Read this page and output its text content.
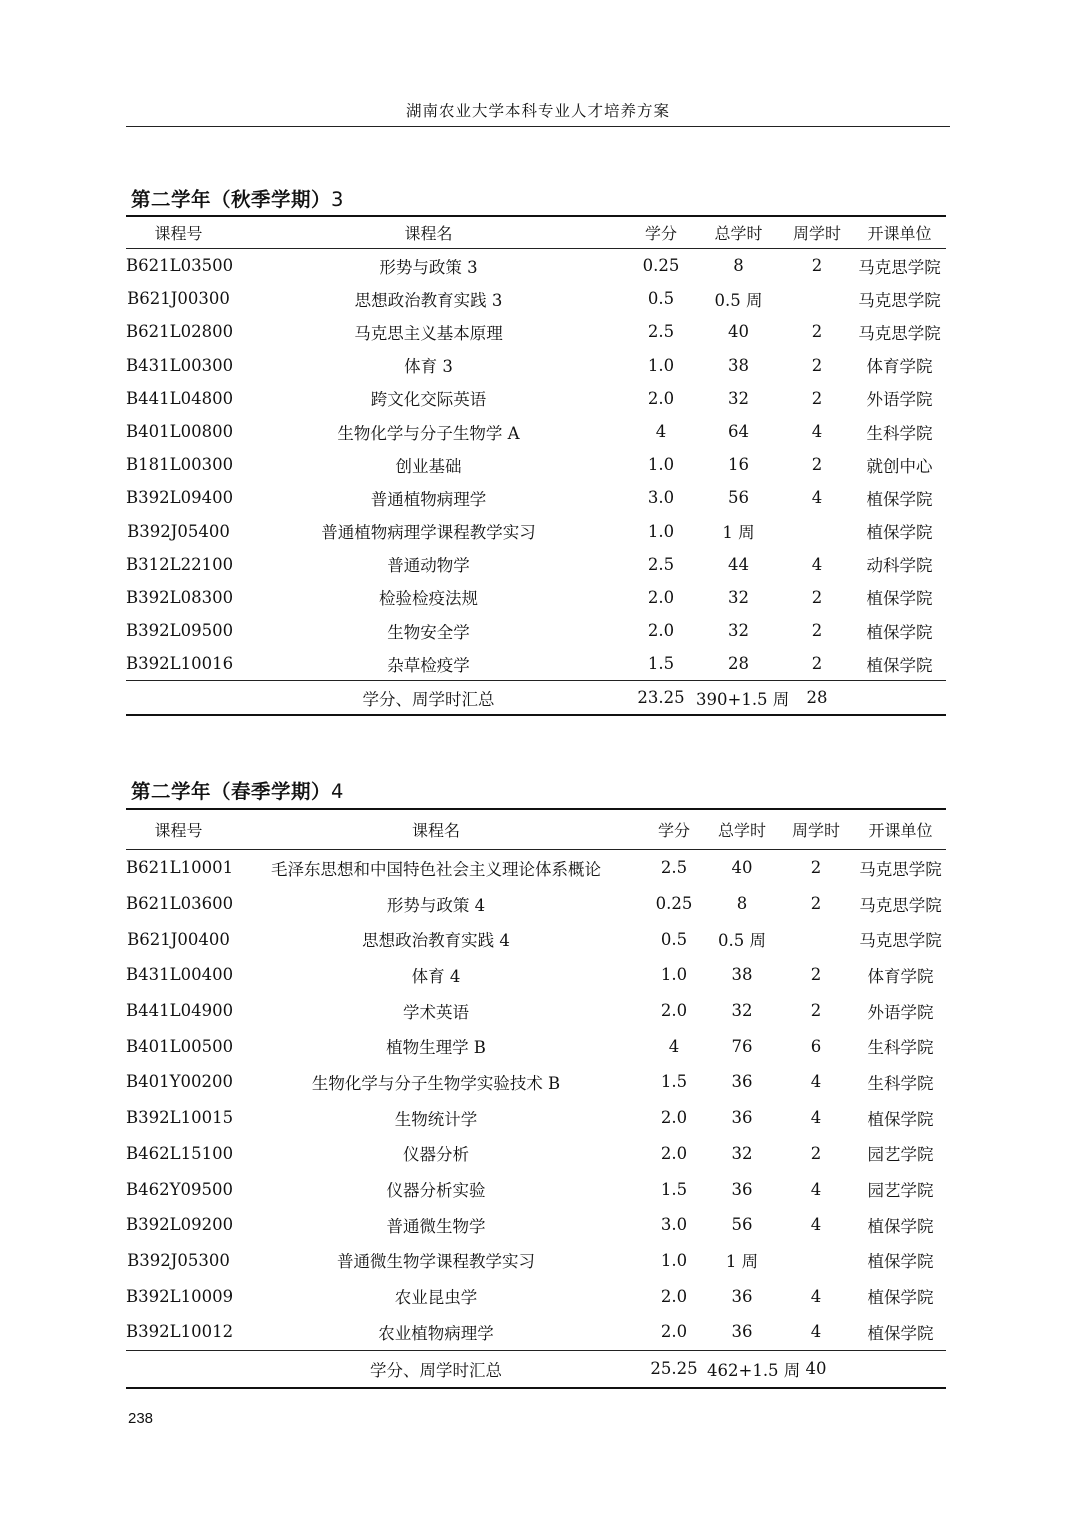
湖南农业大学本科专业人才培养方案
第二学年（秋季学期）3
课程号	课程名	学分	总学时	周学时	开课单位
B621L03500	形势与政策 3	0.25	8	2	马克思学院
B621J00300	思想政治教育实践 3	0.5	0.5 周		马克思学院
B621L02800	马克思主义基本原理	2.5	40	2	马克思学院
B431L00300	体育 3	1.0	38	2	体育学院
B441L04800	跨文化交际英语	2.0	32	2	外语学院
B401L00800	生物化学与分子生物学 A	4	64	4	生科学院
B181L00300	创业基础	1.0	16	2	就创中心
B392L09400	普通植物病理学	3.0	56	4	植保学院
B392J05400	普通植物病理学课程教学实习	1.0	1 周		植保学院
B312L22100	普通动物学	2.5	44	4	动科学院
B392L08300	检验检疫法规	2.0	32	2	植保学院
B392L09500	生物安全学	2.0	32	2	植保学院
B392L10016	杂草检疫学	1.5	28	2	植保学院
	学分、周学时汇总	23.25	390+1.5 周	28	
第二学年（春季学期）4
课程号	课程名	学分	总学时	周学时	开课单位
B621L10001	毛泽东思想和中国特色社会主义理论体系概论	2.5	40	2	马克思学院
B621L03600	形势与政策 4	0.25	8	2	马克思学院
B621J00400	思想政治教育实践 4	0.5	0.5 周		马克思学院
B431L00400	体育 4	1.0	38	2	体育学院
B441L04900	学术英语	2.0	32	2	外语学院
B401L00500	植物生理学 B	4	76	6	生科学院
B401Y00200	生物化学与分子生物学实验技术 B	1.5	36	4	生科学院
B392L10015	生物统计学	2.0	36	4	植保学院
B462L15100	仪器分析	2.0	32	2	园艺学院
B462Y09500	仪器分析实验	1.5	36	4	园艺学院
B392L09200	普通微生物学	3.0	56	4	植保学院
B392J05300	普通微生物学课程教学实习	1.0	1 周		植保学院
B392L10009	农业昆虫学	2.0	36	4	植保学院
B392L10012	农业植物病理学	2.0	36	4	植保学院
	学分、周学时汇总	25.25	462+1.5 周	40	
238
